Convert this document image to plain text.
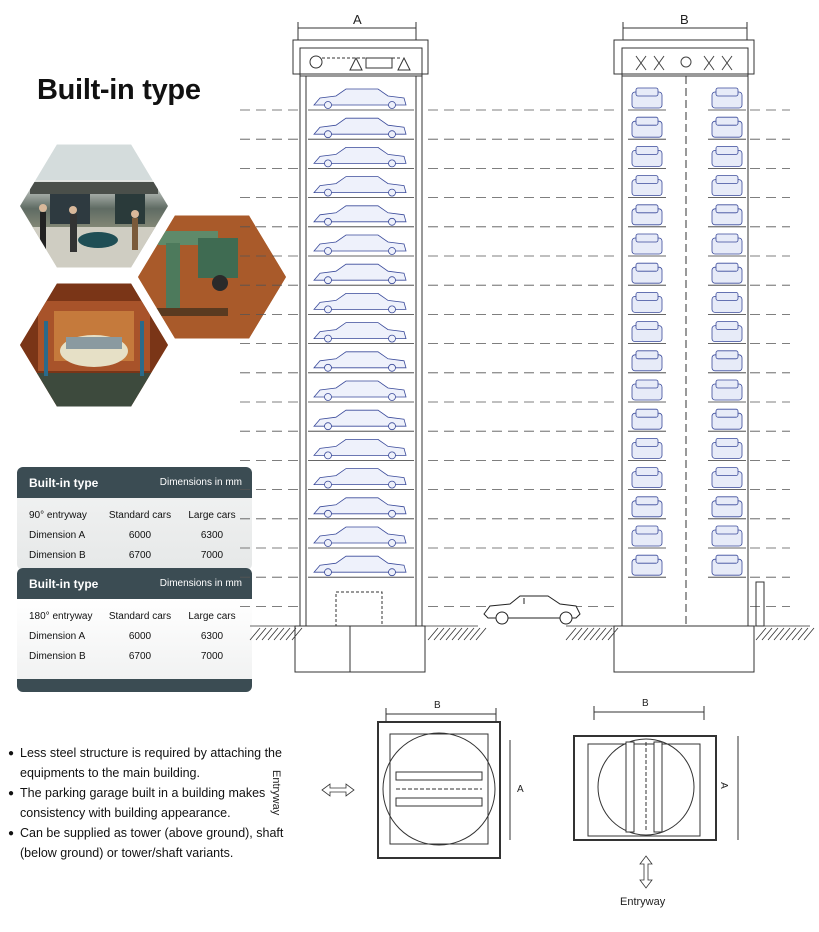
Built-in type
Built-in type	Dimensions in mm
90° entryway	Standard cars	Large cars
Dimension A	6000	6300
Dimension B	6700	7000
Built-in type	Dimensions in mm
180° entryway	Standard cars	Large cars
Dimension A	6000	6300
Dimension B	6700	7000
● Less steel structure is required by attaching the equipments to the main building.
● The parking garage built in a building makes consistency with building appearance.
● Can be supplied as tower (above ground), shaft (below ground) or tower/shaft variants.
A	B
B	B
A	A
Entryway
Entryway
